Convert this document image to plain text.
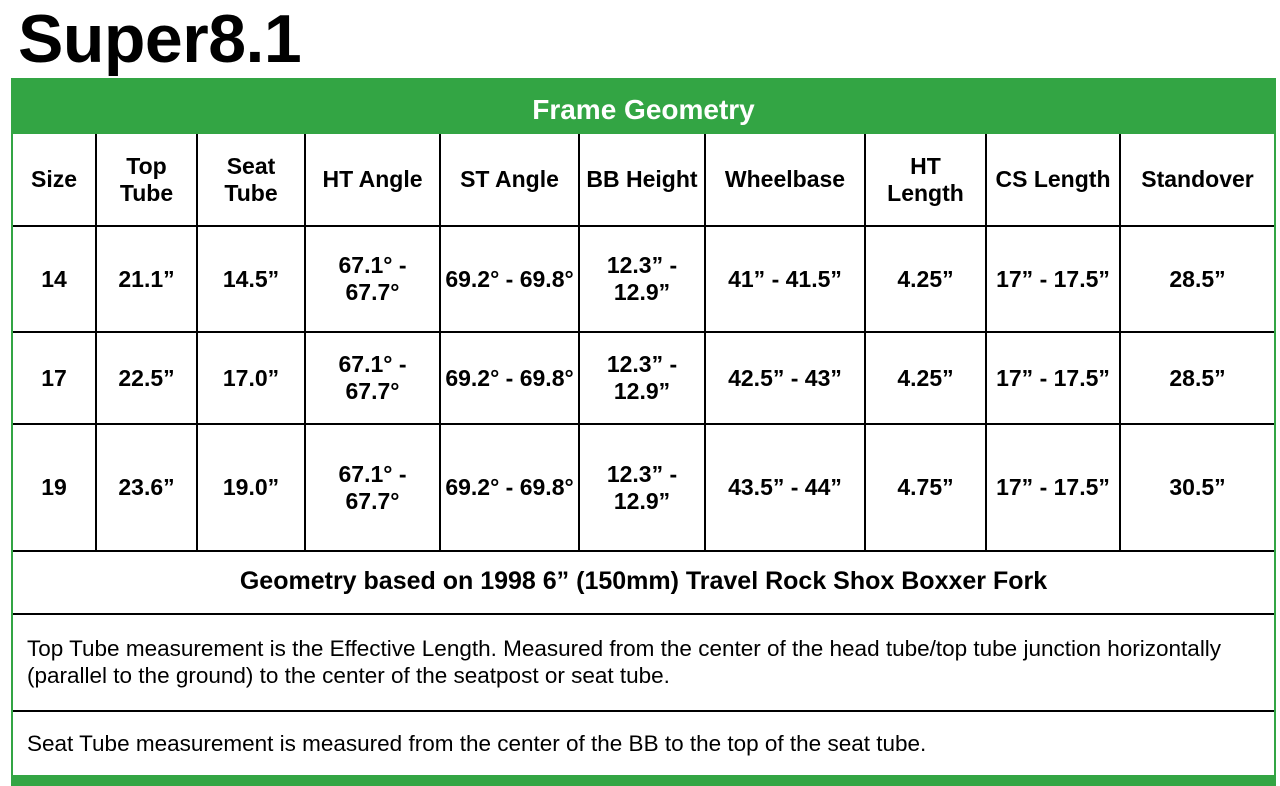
Super8.1
Frame Geometry
Size	Top Tube	Seat Tube	HT Angle	ST Angle	BB Height	Wheelbase	HT Length	CS Length	Standover
14	21.1”	14.5”	67.1° - 67.7°	69.2° - 69.8°	12.3” - 12.9”	41” - 41.5”	4.25”	17” - 17.5”	28.5”
17	22.5”	17.0”	67.1° - 67.7°	69.2° - 69.8°	12.3” - 12.9”	42.5” - 43”	4.25”	17” - 17.5”	28.5”
19	23.6”	19.0”	67.1° - 67.7°	69.2° - 69.8°	12.3” - 12.9”	43.5” - 44”	4.75”	17” - 17.5”	30.5”
Geometry based on 1998 6” (150mm) Travel Rock Shox Boxxer Fork
Top Tube measurement is the Effective Length. Measured from the center of the head tube/top tube junction horizontally (parallel to the ground) to the center of the seatpost or seat tube.
Seat Tube measurement is measured from the center of the BB to the top of the seat tube.
